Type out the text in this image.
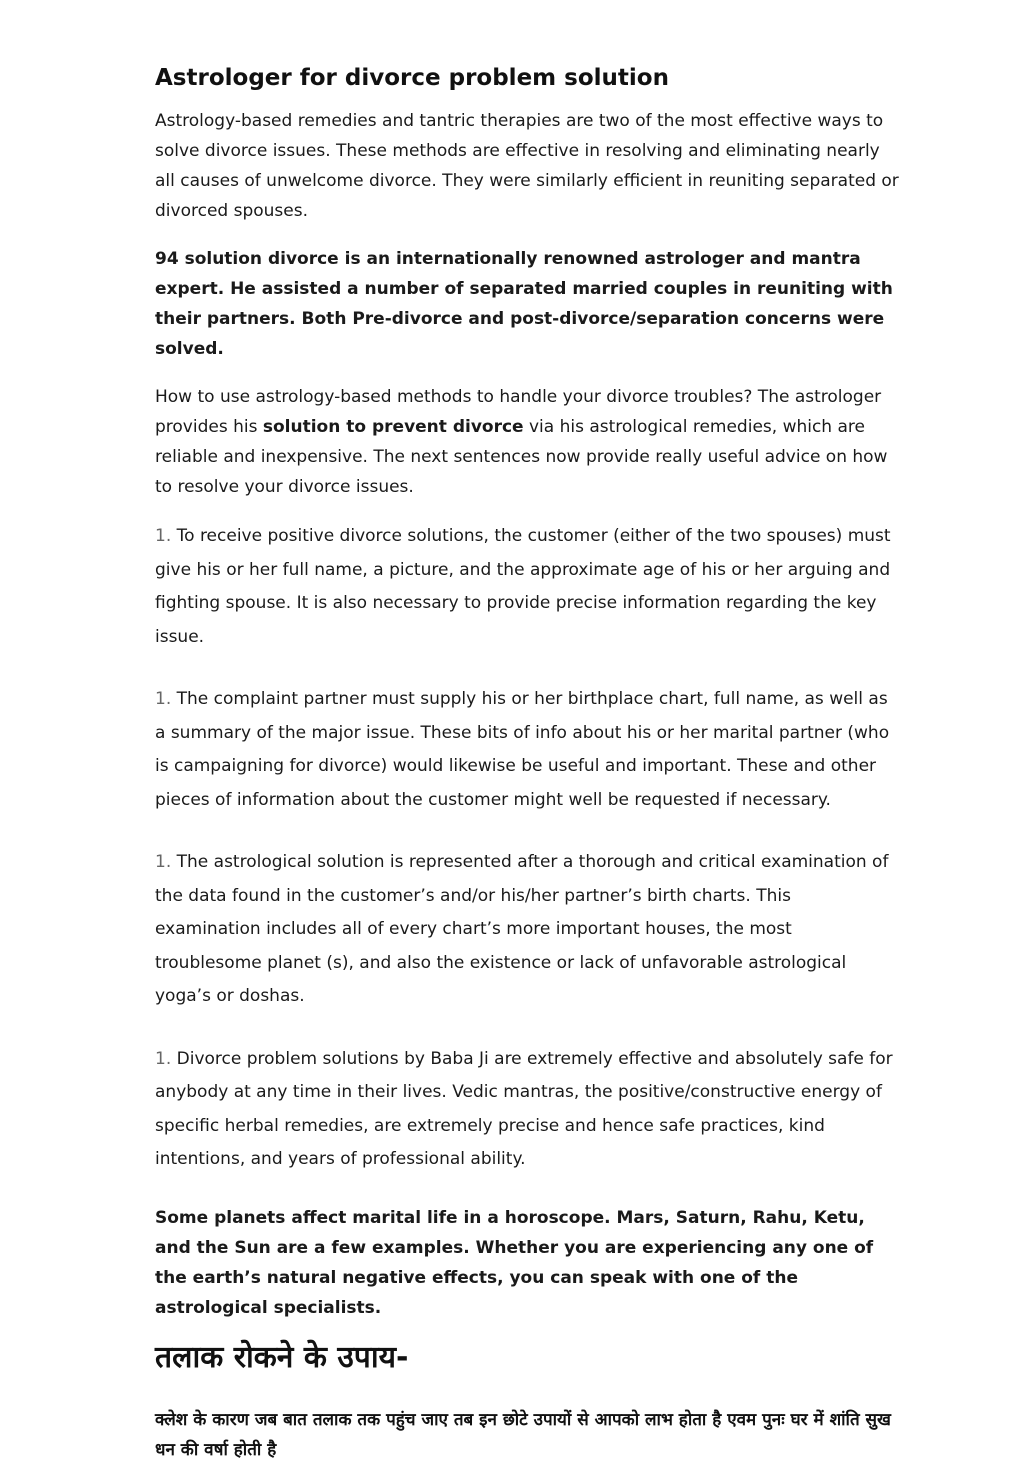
Astrologer for divorce problem solution

Astrology-based remedies and tantric therapies are two of the most effective ways to solve divorce issues. These methods are effective in resolving and eliminating nearly all causes of unwelcome divorce. They were similarly efficient in reuniting separated or divorced spouses.

94 solution divorce is an internationally renowned astrologer and mantra expert. He assisted a number of separated married couples in reuniting with their partners. Both Pre-divorce and post-divorce/separation concerns were solved.

How to use astrology-based methods to handle your divorce troubles? The astrologer provides his solution to prevent divorce via his astrological remedies, which are reliable and inexpensive. The next sentences now provide really useful advice on how to resolve your divorce issues.

1. To receive positive divorce solutions, the customer (either of the two spouses) must give his or her full name, a picture, and the approximate age of his or her arguing and fighting spouse. It is also necessary to provide precise information regarding the key issue.

1. The complaint partner must supply his or her birthplace chart, full name, as well as a summary of the major issue. These bits of info about his or her marital partner (who is campaigning for divorce) would likewise be useful and important. These and other pieces of information about the customer might well be requested if necessary.

1. The astrological solution is represented after a thorough and critical examination of the data found in the customer’s and/or his/her partner’s birth charts. This examination includes all of every chart’s more important houses, the most troublesome planet (s), and also the existence or lack of unfavorable astrological yoga’s or doshas.

1. Divorce problem solutions by Baba Ji are extremely effective and absolutely safe for anybody at any time in their lives. Vedic mantras, the positive/constructive energy of specific herbal remedies, are extremely precise and hence safe practices, kind intentions, and years of professional ability.

Some planets affect marital life in a horoscope. Mars, Saturn, Rahu, Ketu, and the Sun are a few examples. Whether you are experiencing any one of the earth’s natural negative effects, you can speak with one of the astrological specialists.

तलाक रोकने के उपाय-

क्लेश के कारण जब बात तलाक तक पहुंच जाए तब इन छोटे उपायों से आपको लाभ होता है एवम पुनः घर में शांति सुख धन की वर्षा होती है
